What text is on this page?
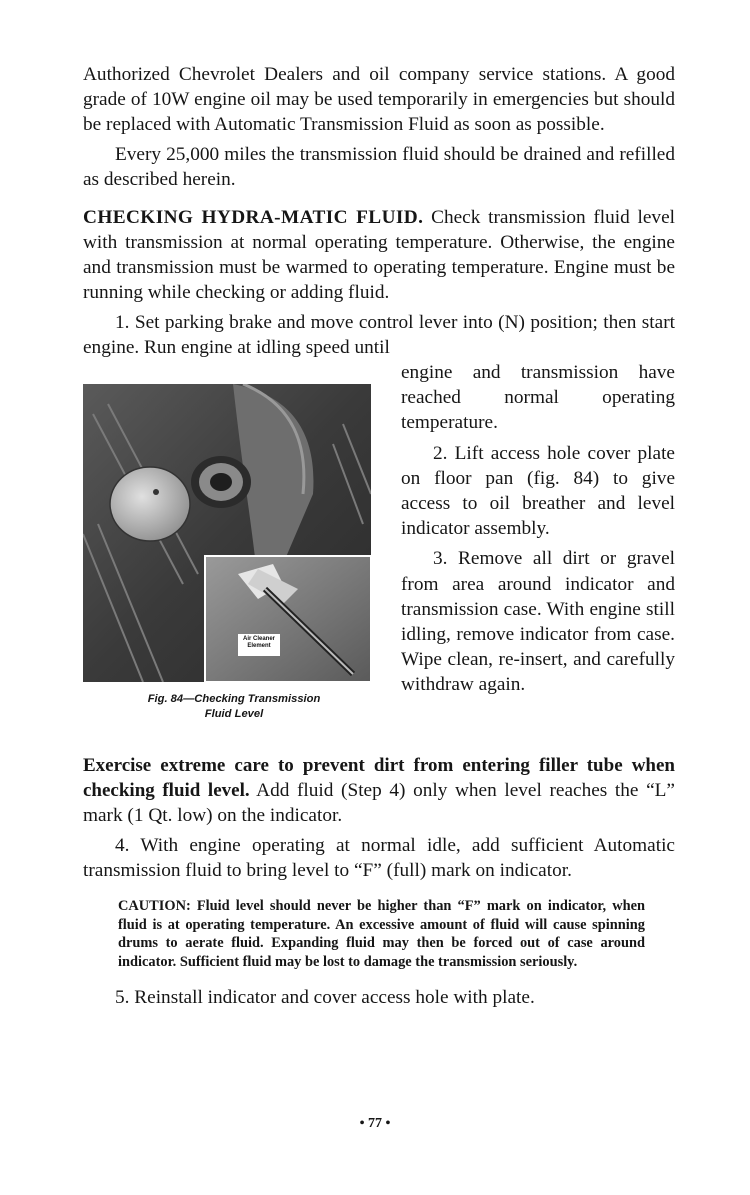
Authorized Chevrolet Dealers and oil company service stations. A good grade of 10W engine oil may be used temporarily in emergencies but should be replaced with Automatic Transmission Fluid as soon as possible.

Every 25,000 miles the transmission fluid should be drained and refilled as described herein.

CHECKING HYDRA-MATIC FLUID. Check transmission fluid level with transmission at normal operating temperature. Otherwise, the engine and transmission must be warmed to operating temperature. Engine must be running while checking or adding fluid.

1. Set parking brake and move control lever into (N) position; then start engine. Run engine at idling speed until

Air Cleaner
Element
Fig. 84—Checking Transmission
Fluid Level

engine and transmission have reached normal operating temperature.

2. Lift access hole cover plate on floor pan (fig. 84) to give access to oil breather and level indicator assembly.

3. Remove all dirt or gravel from area around indicator and transmission case. With engine still idling, remove indicator from case. Wipe clean, re-insert, and carefully withdraw again.

Exercise extreme care to prevent dirt from entering filler tube when checking fluid level. Add fluid (Step 4) only when level reaches the “L” mark (1 Qt. low) on the indicator.

4. With engine operating at normal idle, add sufficient Automatic transmission fluid to bring level to “F” (full) mark on indicator.

CAUTION: Fluid level should never be higher than “F” mark on indicator, when fluid is at operating temperature. An excessive amount of fluid will cause spinning drums to aerate fluid. Expanding fluid may then be forced out of case around indicator. Sufficient fluid may be lost to damage the transmission seriously.

5. Reinstall indicator and cover access hole with plate.

• 77 •
